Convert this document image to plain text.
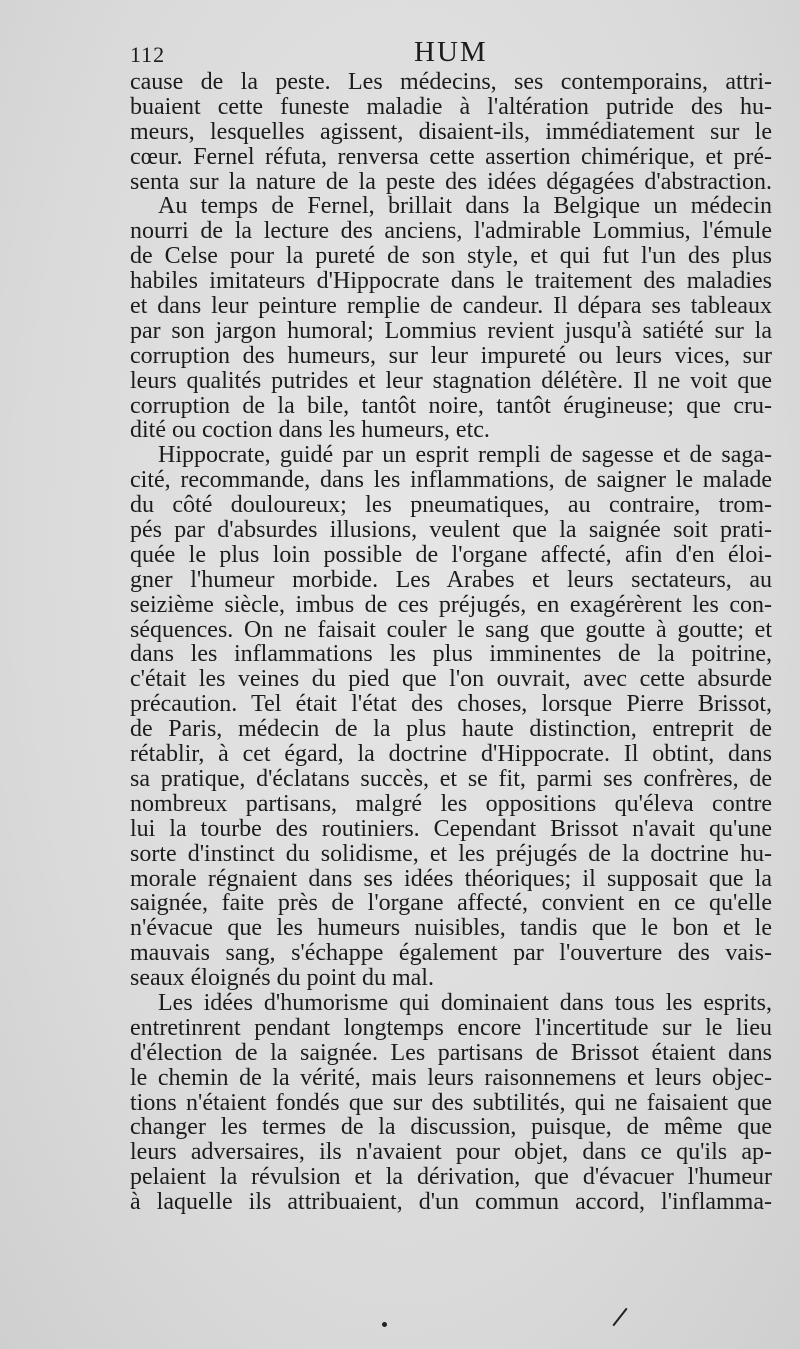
112	HUM
cause de la peste. Les médecins, ses contemporains, attri-
buaient cette funeste maladie à l'altération putride des hu-
meurs, lesquelles agissent, disaient-ils, immédiatement sur le
cœur. Fernel réfuta, renversa cette assertion chimérique, et pré-
senta sur la nature de la peste des idées dégagées d'abstraction.
Au temps de Fernel, brillait dans la Belgique un médecin
nourri de la lecture des anciens, l'admirable Lommius, l'émule
de Celse pour la pureté de son style, et qui fut l'un des plus
habiles imitateurs d'Hippocrate dans le traitement des maladies
et dans leur peinture remplie de candeur. Il dépara ses tableaux
par son jargon humoral; Lommius revient jusqu'à satiété sur la
corruption des humeurs, sur leur impureté ou leurs vices, sur
leurs qualités putrides et leur stagnation délétère. Il ne voit que
corruption de la bile, tantôt noire, tantôt érugineuse; que cru-
dité ou coction dans les humeurs, etc.
Hippocrate, guidé par un esprit rempli de sagesse et de saga-
cité, recommande, dans les inflammations, de saigner le malade
du côté douloureux; les pneumatiques, au contraire, trom-
pés par d'absurdes illusions, veulent que la saignée soit prati-
quée le plus loin possible de l'organe affecté, afin d'en éloi-
gner l'humeur morbide. Les Arabes et leurs sectateurs, au
seizième siècle, imbus de ces préjugés, en exagérèrent les con-
séquences. On ne faisait couler le sang que goutte à goutte; et
dans les inflammations les plus imminentes de la poitrine,
c'était les veines du pied que l'on ouvrait, avec cette absurde
précaution. Tel était l'état des choses, lorsque Pierre Brissot,
de Paris, médecin de la plus haute distinction, entreprit de
rétablir, à cet égard, la doctrine d'Hippocrate. Il obtint, dans
sa pratique, d'éclatans succès, et se fit, parmi ses confrères, de
nombreux partisans, malgré les oppositions qu'éleva contre
lui la tourbe des routiniers. Cependant Brissot n'avait qu'une
sorte d'instinct du solidisme, et les préjugés de la doctrine hu-
morale régnaient dans ses idées théoriques; il supposait que la
saignée, faite près de l'organe affecté, convient en ce qu'elle
n'évacue que les humeurs nuisibles, tandis que le bon et le
mauvais sang, s'échappe également par l'ouverture des vais-
seaux éloignés du point du mal.
Les idées d'humorisme qui dominaient dans tous les esprits,
entretinrent pendant longtemps encore l'incertitude sur le lieu
d'élection de la saignée. Les partisans de Brissot étaient dans
le chemin de la vérité, mais leurs raisonnemens et leurs objec-
tions n'étaient fondés que sur des subtilités, qui ne faisaient que
changer les termes de la discussion, puisque, de même que
leurs adversaires, ils n'avaient pour objet, dans ce qu'ils ap-
pelaient la révulsion et la dérivation, que d'évacuer l'humeur
à laquelle ils attribuaient, d'un commun accord, l'inflamma-
